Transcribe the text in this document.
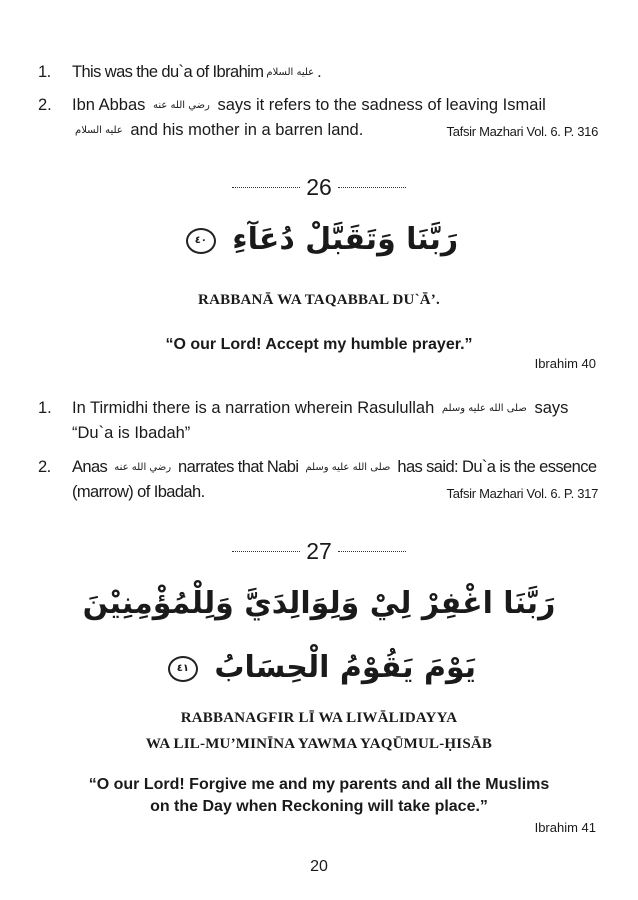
1. This was the du`a of Ibrahim عليه السلام .
2. Ibn Abbas رضي الله عنه says it refers to the sadness of leaving Ismail عليه السلام and his mother in a barren land.	Tafsir Mazhari Vol. 6. P. 316
26
رَبَّنَا وَتَقَبَّلْ دُعَآءِ ٤٠
RABBANĀ WA TAQABBAL DU`Ā’.
“O our Lord! Accept my humble prayer.”
Ibrahim 40
1. In Tirmidhi there is a narration wherein Rasulullah صلى الله عليه وسلم says “Du`a is Ibadah”
2. Anas رضي الله عنه narrates that Nabi صلى الله عليه وسلم has said: Du`a is the essence (marrow) of Ibadah.	Tafsir Mazhari Vol. 6. P. 317
27
رَبَّنَا اغْفِرْ لِيْ وَلِوَالِدَيَّ وَلِلْمُؤْمِنِيْنَ
يَوْمَ يَقُوْمُ الْحِسَابُ ٤١
RABBANAGFIR LĪ WA LIWĀLIDAYYA
WA LIL-MU’MINĪNA YAWMA YAQŪMUL-ḤISĀB
“O our Lord! Forgive me and my parents and all the Muslims
on the Day when Reckoning will take place.”
Ibrahim 41
20
